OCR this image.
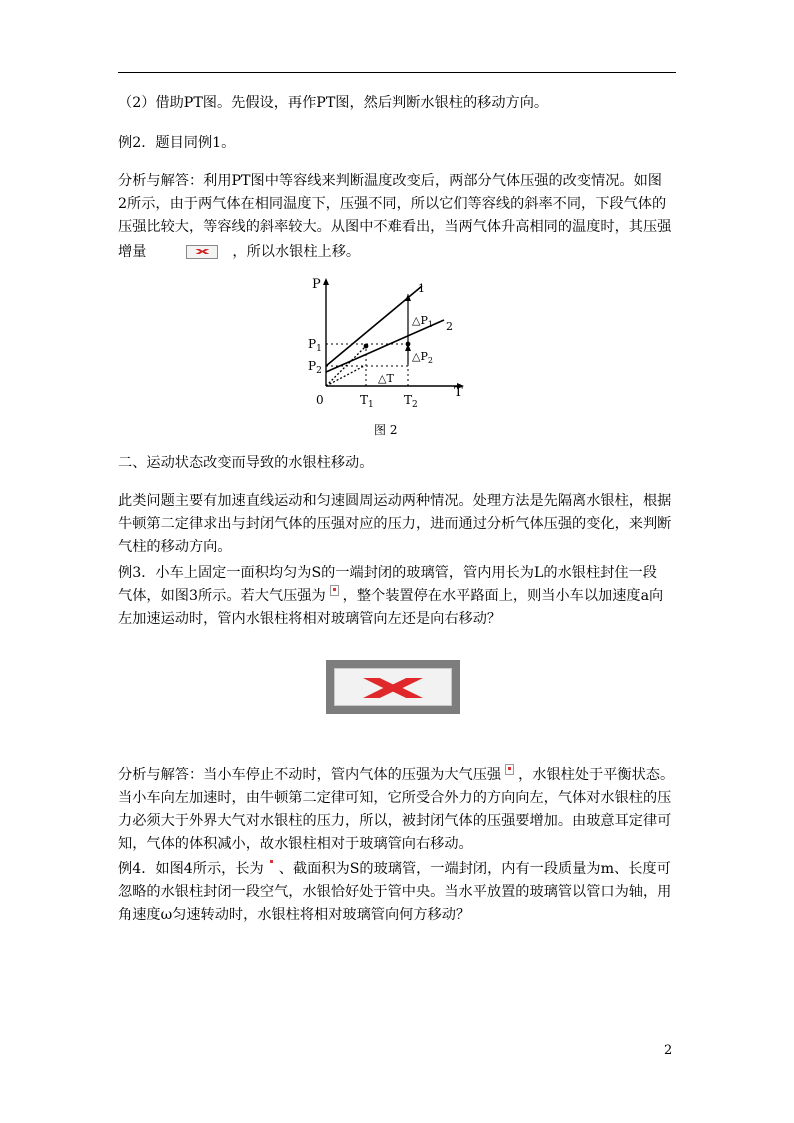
（2）借助PT图。先假设，再作PT图，然后判断水银柱的移动方向。

例2．题目同例1。

分析与解答：利用PT图中等容线来判断温度改变后，两部分气体压强的改变情况。如图
2所示，由于两气体在相同温度下，压强不同，所以它们等容线的斜率不同，下段气体的
压强比较大，等容线的斜率较大。从图中不难看出，当两气体升高相同的温度时，其压强
增量	，所以水银柱上移。
P
T
0
$P_1$
$P_2$
$T_1$	$T_2$
1
2
$\triangle P_1$
$\triangle P_2$
△T
图 2

二、运动状态改变而导致的水银柱移动。

此类问题主要有加速直线运动和匀速圆周运动两种情况。处理方法是先隔离水银柱，根据
牛顿第二定律求出与封闭气体的压强对应的压力，进而通过分析气体压强的变化，来判断
气柱的移动方向。
例3．小车上固定一面积均匀为S的一端封闭的玻璃管，管内用长为L的水银柱封住一段
气体，如图3所示。若大气压强为 ，整个装置停在水平路面上，则当小车以加速度a向
左加速运动时，管内水银柱将相对玻璃管向左还是向右移动？
分析与解答：当小车停止不动时，管内气体的压强为大气压强 ，水银柱处于平衡状态。
当小车向左加速时，由牛顿第二定律可知，它所受合外力的方向向左，气体对水银柱的压
力必须大于外界大气对水银柱的压力，所以，被封闭气体的压强要增加。由玻意耳定律可
知，气体的体积减小，故水银柱相对于玻璃管向右移动。
例4．如图4所示，长为 、截面积为S的玻璃管，一端封闭，内有一段质量为m、长度可
忽略的水银柱封闭一段空气，水银恰好处于管中央。当水平放置的玻璃管以管口为轴，用
角速度ω匀速转动时，水银柱将相对玻璃管向何方移动？
2
